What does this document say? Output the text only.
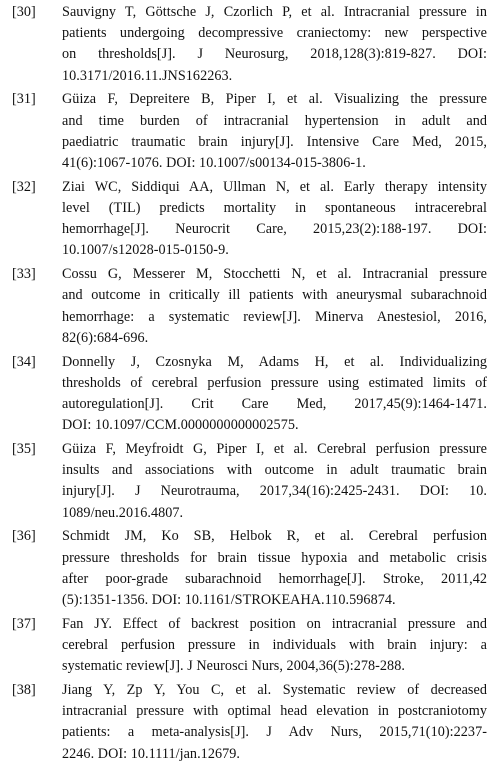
[30] Sauvigny T, Göttsche J, Czorlich P, et al. Intracranial pressure in
patients undergoing decompressive craniectomy: new perspective
on thresholds[J]. J Neurosurg, 2018,128(3):819-827. DOI:
10.3171/2016.11.JNS162263.
[31] Güiza F, Depreitere B, Piper I, et al. Visualizing the pressure
and time burden of intracranial hypertension in adult and
paediatric traumatic brain injury[J]. Intensive Care Med, 2015,
41(6):1067-1076. DOI: 10.1007/s00134-015-3806-1.
[32] Ziai WC, Siddiqui AA, Ullman N, et al. Early therapy intensity
level (TIL) predicts mortality in spontaneous intracerebral
hemorrhage[J]. Neurocrit Care, 2015,23(2):188-197. DOI:
10.1007/s12028-015-0150-9.
[33] Cossu G, Messerer M, Stocchetti N, et al. Intracranial pressure
and outcome in critically ill patients with aneurysmal subarachnoid
hemorrhage: a systematic review[J]. Minerva Anestesiol, 2016,
82(6):684-696.
[34] Donnelly J, Czosnyka M, Adams H, et al. Individualizing
thresholds of cerebral perfusion pressure using estimated limits of
autoregulation[J]. Crit Care Med, 2017,45(9):1464-1471.
DOI: 10.1097/CCM.0000000000002575.
[35] Güiza F, Meyfroidt G, Piper I, et al. Cerebral perfusion pressure
insults and associations with outcome in adult traumatic brain
injury[J]. J Neurotrauma, 2017,34(16):2425-2431. DOI: 10.
1089/neu.2016.4807.
[36] Schmidt JM, Ko SB, Helbok R, et al. Cerebral perfusion
pressure thresholds for brain tissue hypoxia and metabolic crisis
after poor-grade subarachnoid hemorrhage[J]. Stroke, 2011,42
(5):1351-1356. DOI: 10.1161/STROKEAHA.110.596874.
[37] Fan JY. Effect of backrest position on intracranial pressure and
cerebral perfusion pressure in individuals with brain injury: a
systematic review[J]. J Neurosci Nurs, 2004,36(5):278-288.
[38] Jiang Y, Zp Y, You C, et al. Systematic review of decreased
intracranial pressure with optimal head elevation in postcraniotomy
patients: a meta-analysis[J]. J Adv Nurs, 2015,71(10):2237-
2246. DOI: 10.1111/jan.12679.
